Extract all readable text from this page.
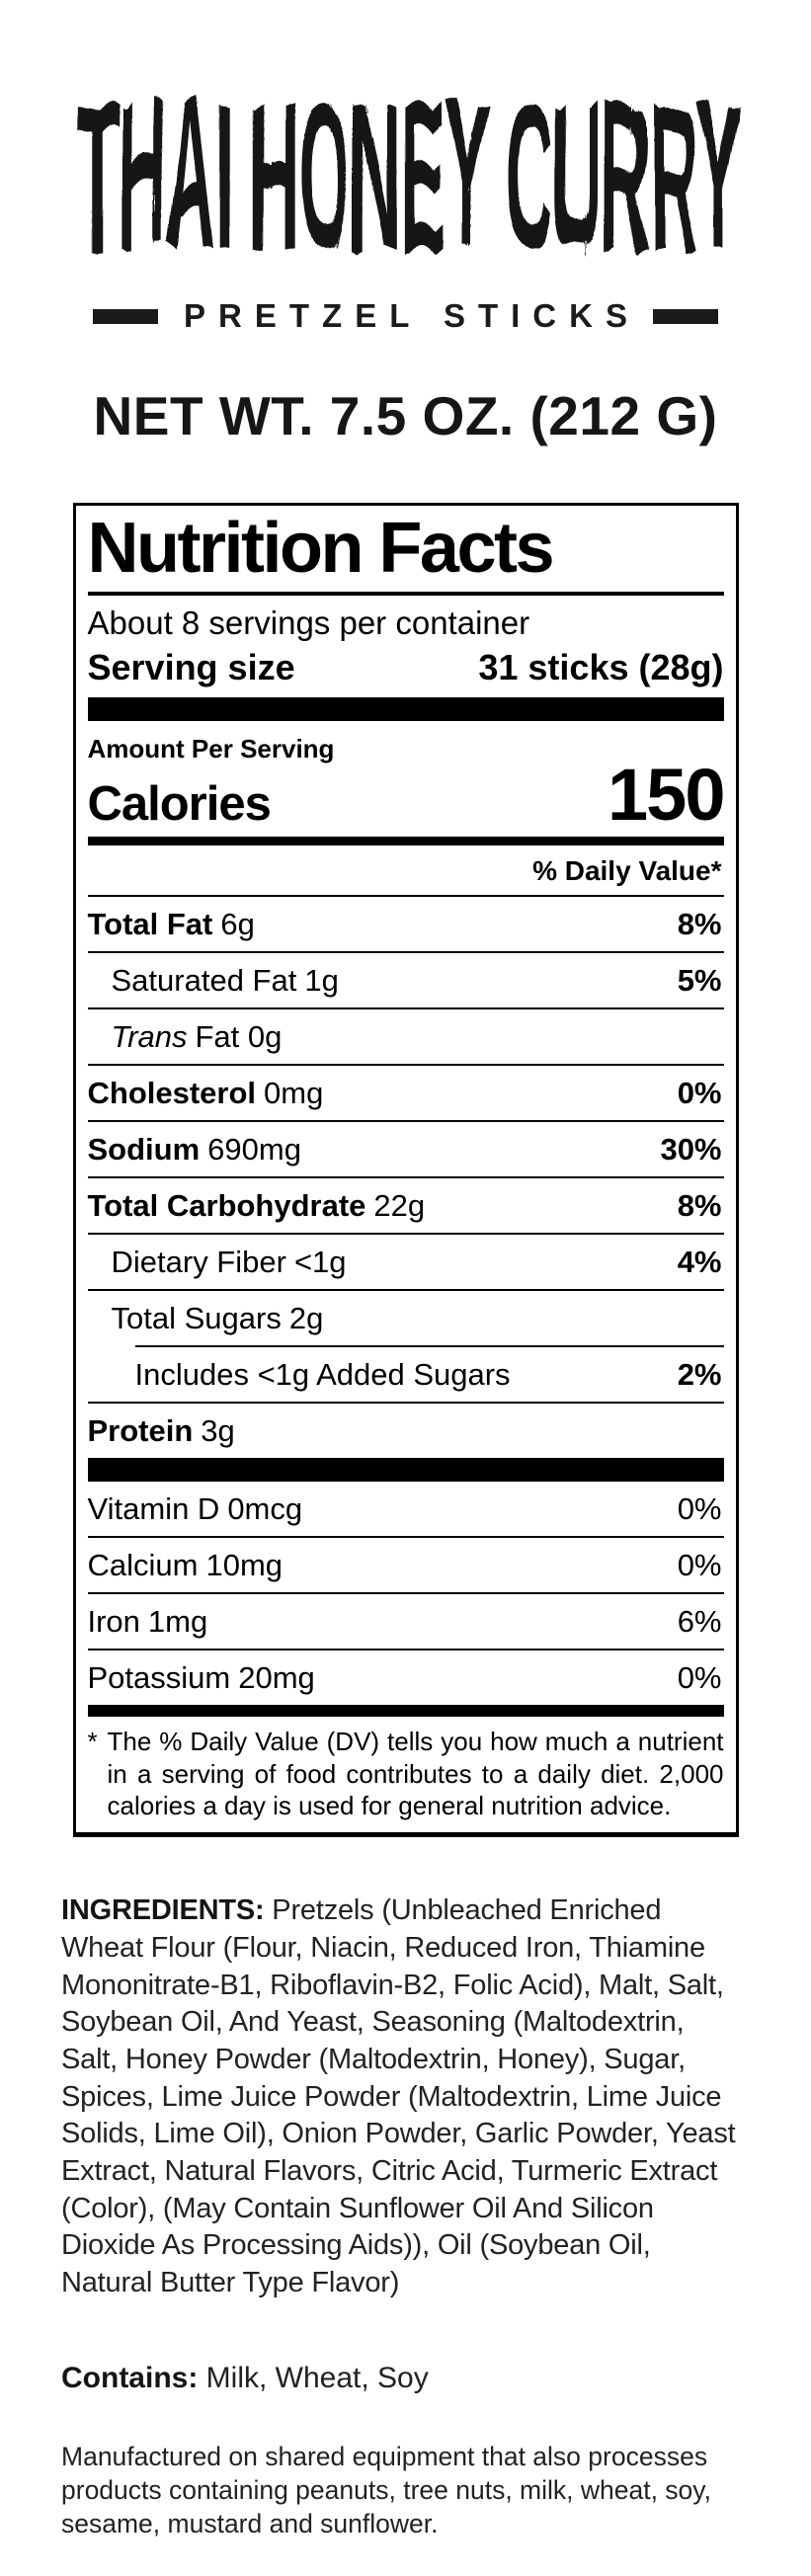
THAI HONEY CURRY
PRETZEL STICKS
NET WT. 7.5 OZ. (212 G)
Nutrition Facts
About 8 servings per container
Serving size	31 sticks (28g)
Amount Per Serving
Calories	150
% Daily Value*
Total Fat 6g	8%
Saturated Fat 1g	5%
Trans Fat 0g
Cholesterol 0mg	0%
Sodium 690mg	30%
Total Carbohydrate 22g	8%
Dietary Fiber <1g	4%
Total Sugars 2g
Includes <1g Added Sugars	2%
Protein 3g
Vitamin D 0mcg	0%
Calcium 10mg	0%
Iron 1mg	6%
Potassium 20mg	0%
* The % Daily Value (DV) tells you how much a nutrient in a serving of food contributes to a daily diet. 2,000 calories a day is used for general nutrition advice.

INGREDIENTS: Pretzels (Unbleached Enriched Wheat Flour (Flour, Niacin, Reduced Iron, Thiamine Mononitrate-B1, Riboflavin-B2, Folic Acid), Malt, Salt, Soybean Oil, And Yeast, Seasoning (Maltodextrin, Salt, Honey Powder (Maltodextrin, Honey), Sugar, Spices, Lime Juice Powder (Maltodextrin, Lime Juice Solids, Lime Oil), Onion Powder, Garlic Powder, Yeast Extract, Natural Flavors, Citric Acid, Turmeric Extract (Color), (May Contain Sunflower Oil And Silicon Dioxide As Processing Aids)), Oil (Soybean Oil, Natural Butter Type Flavor)

Contains: Milk, Wheat, Soy

Manufactured on shared equipment that also processes products containing peanuts, tree nuts, milk, wheat, soy, sesame, mustard and sunflower.
